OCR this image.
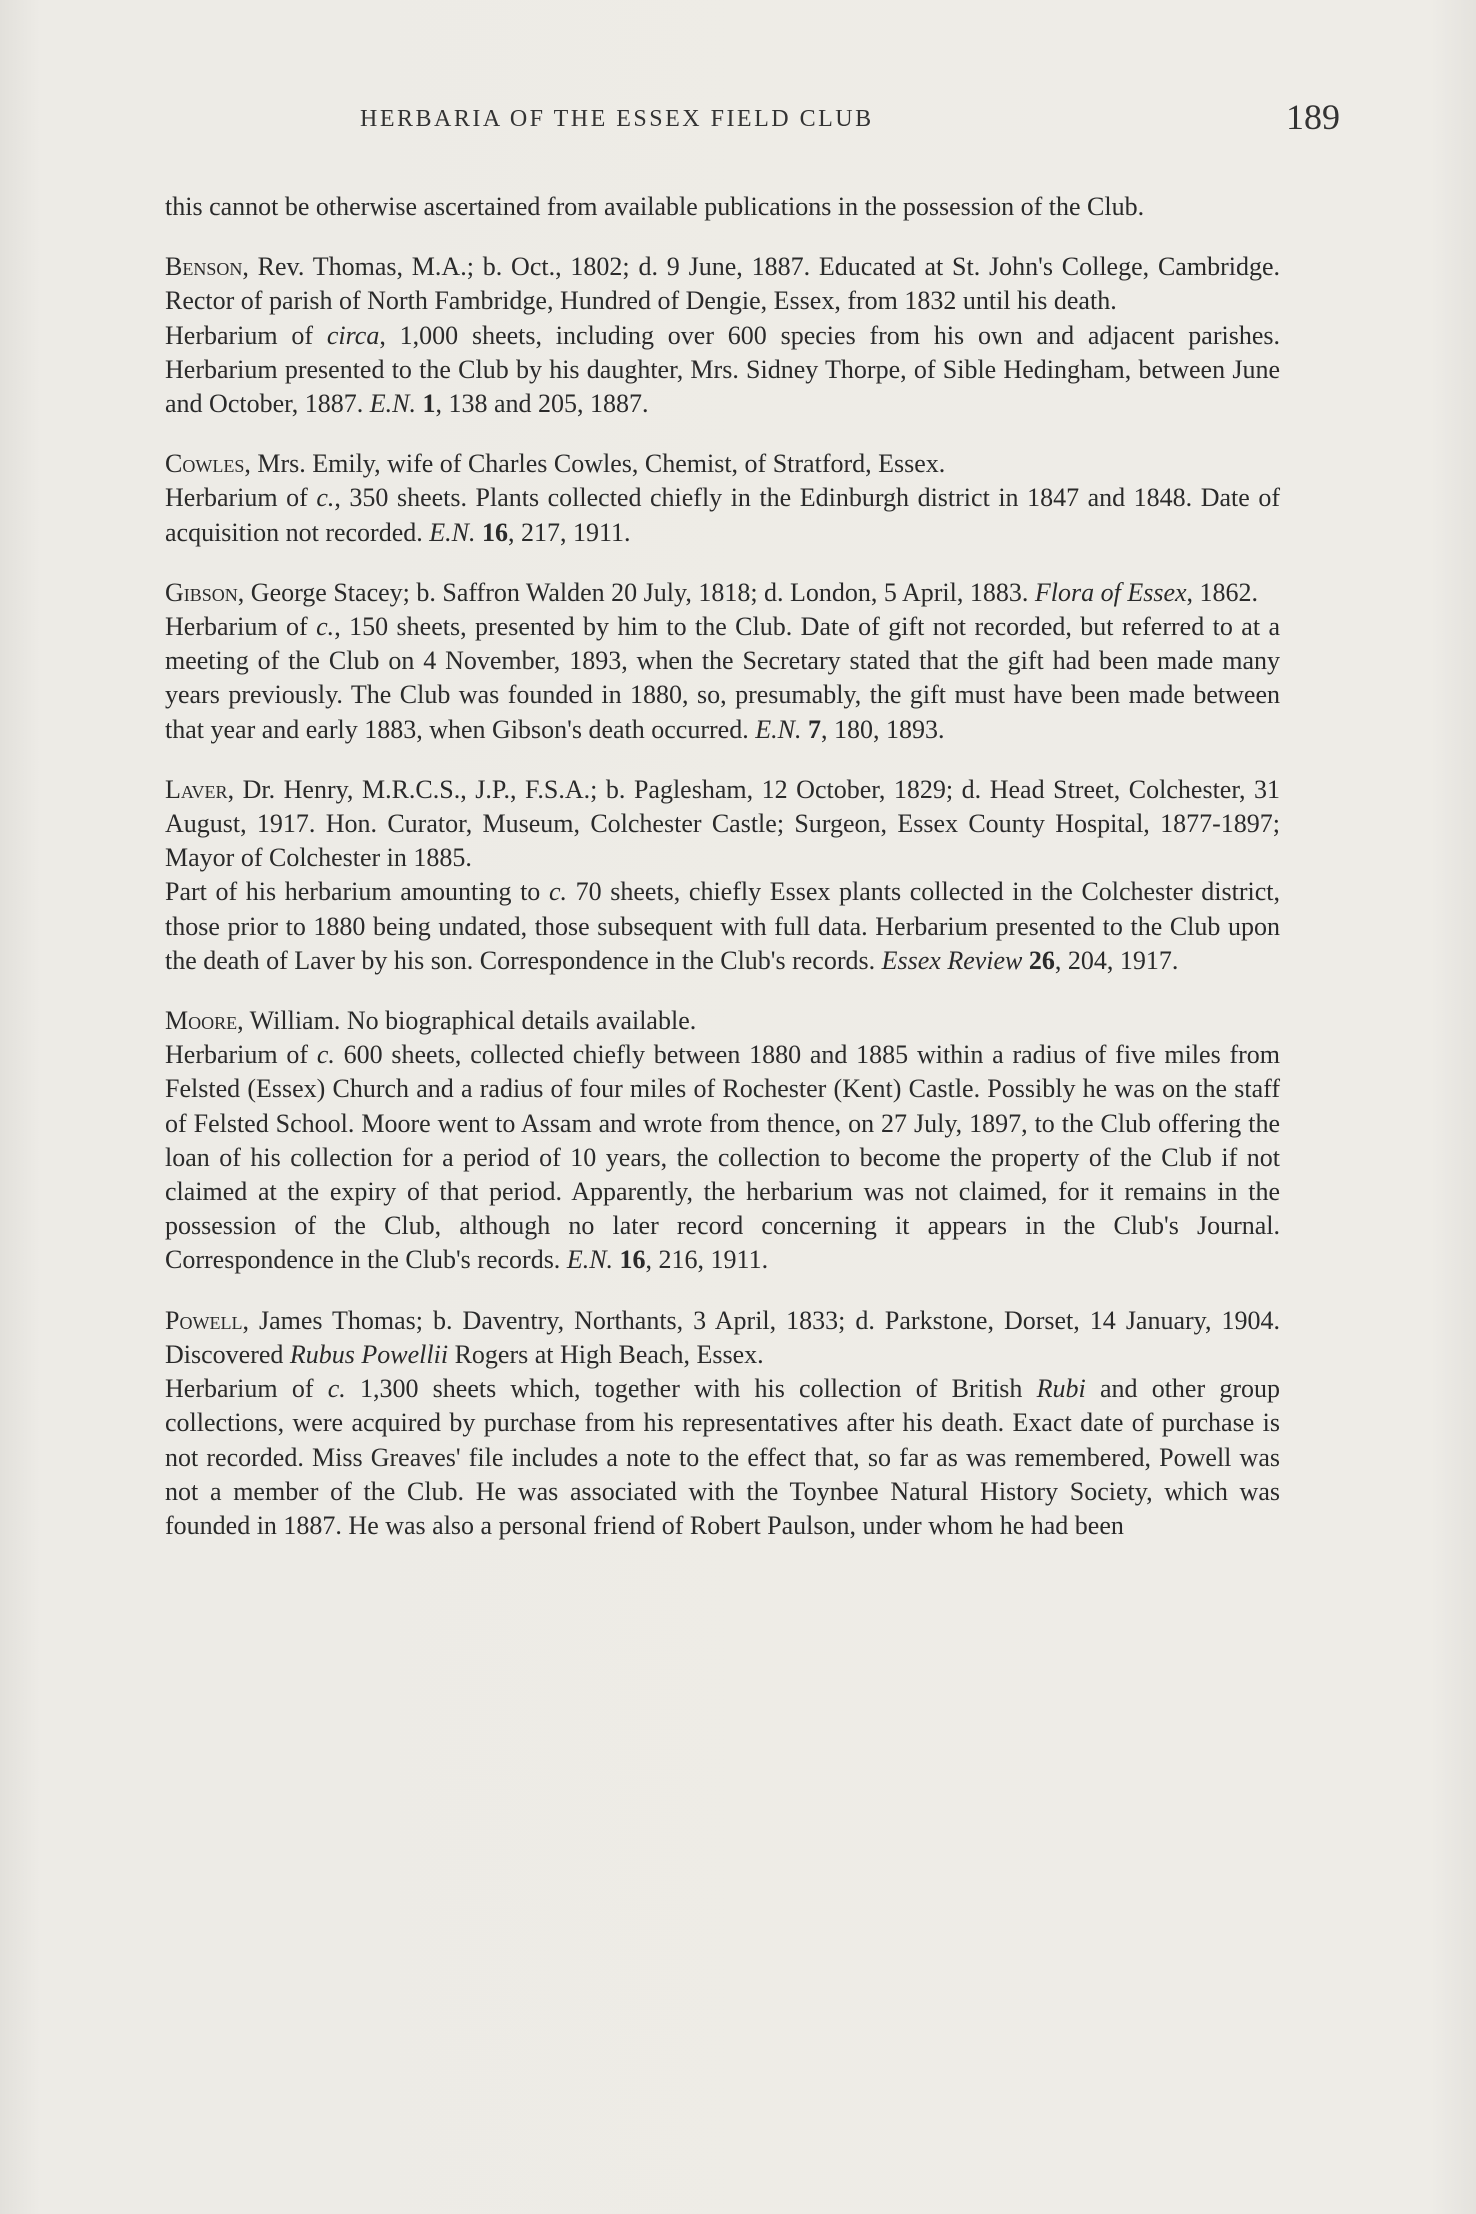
HERBARIA OF THE ESSEX FIELD CLUB	189

this cannot be otherwise ascertained from available publications in the possession of the Club.

Benson, Rev. Thomas, M.A.; b. Oct., 1802; d. 9 June, 1887. Educated at St. John's College, Cambridge. Rector of parish of North Fambridge, Hundred of Dengie, Essex, from 1832 until his death.

Herbarium of circa, 1,000 sheets, including over 600 species from his own and adjacent parishes. Herbarium presented to the Club by his daughter, Mrs. Sidney Thorpe, of Sible Hedingham, between June and October, 1887. E.N. 1, 138 and 205, 1887.

Cowles, Mrs. Emily, wife of Charles Cowles, Chemist, of Stratford, Essex.

Herbarium of c., 350 sheets. Plants collected chiefly in the Edinburgh district in 1847 and 1848. Date of acquisition not recorded. E.N. 16, 217, 1911.

Gibson, George Stacey; b. Saffron Walden 20 July, 1818; d. London, 5 April, 1883. Flora of Essex, 1862.

Herbarium of c., 150 sheets, presented by him to the Club. Date of gift not recorded, but referred to at a meeting of the Club on 4 November, 1893, when the Secretary stated that the gift had been made many years previously. The Club was founded in 1880, so, presumably, the gift must have been made between that year and early 1883, when Gibson's death occurred. E.N. 7, 180, 1893.

Laver, Dr. Henry, M.R.C.S., J.P., F.S.A.; b. Paglesham, 12 October, 1829; d. Head Street, Colchester, 31 August, 1917. Hon. Curator, Museum, Colchester Castle; Surgeon, Essex County Hospital, 1877-1897; Mayor of Colchester in 1885.

Part of his herbarium amounting to c. 70 sheets, chiefly Essex plants collected in the Colchester district, those prior to 1880 being undated, those subsequent with full data. Herbarium presented to the Club upon the death of Laver by his son. Correspondence in the Club's records. Essex Review 26, 204, 1917.

Moore, William. No biographical details available.

Herbarium of c. 600 sheets, collected chiefly between 1880 and 1885 within a radius of five miles from Felsted (Essex) Church and a radius of four miles of Rochester (Kent) Castle. Possibly he was on the staff of Felsted School. Moore went to Assam and wrote from thence, on 27 July, 1897, to the Club offering the loan of his collection for a period of 10 years, the collection to become the property of the Club if not claimed at the expiry of that period. Apparently, the herbarium was not claimed, for it remains in the possession of the Club, although no later record concerning it appears in the Club's Journal. Correspondence in the Club's records. E.N. 16, 216, 1911.

Powell, James Thomas; b. Daventry, Northants, 3 April, 1833; d. Parkstone, Dorset, 14 January, 1904. Discovered Rubus Powellii Rogers at High Beach, Essex.

Herbarium of c. 1,300 sheets which, together with his collection of British Rubi and other group collections, were acquired by purchase from his representatives after his death. Exact date of purchase is not recorded. Miss Greaves' file includes a note to the effect that, so far as was remembered, Powell was not a member of the Club. He was associated with the Toynbee Natural History Society, which was founded in 1887. He was also a personal friend of Robert Paulson, under whom he had been
